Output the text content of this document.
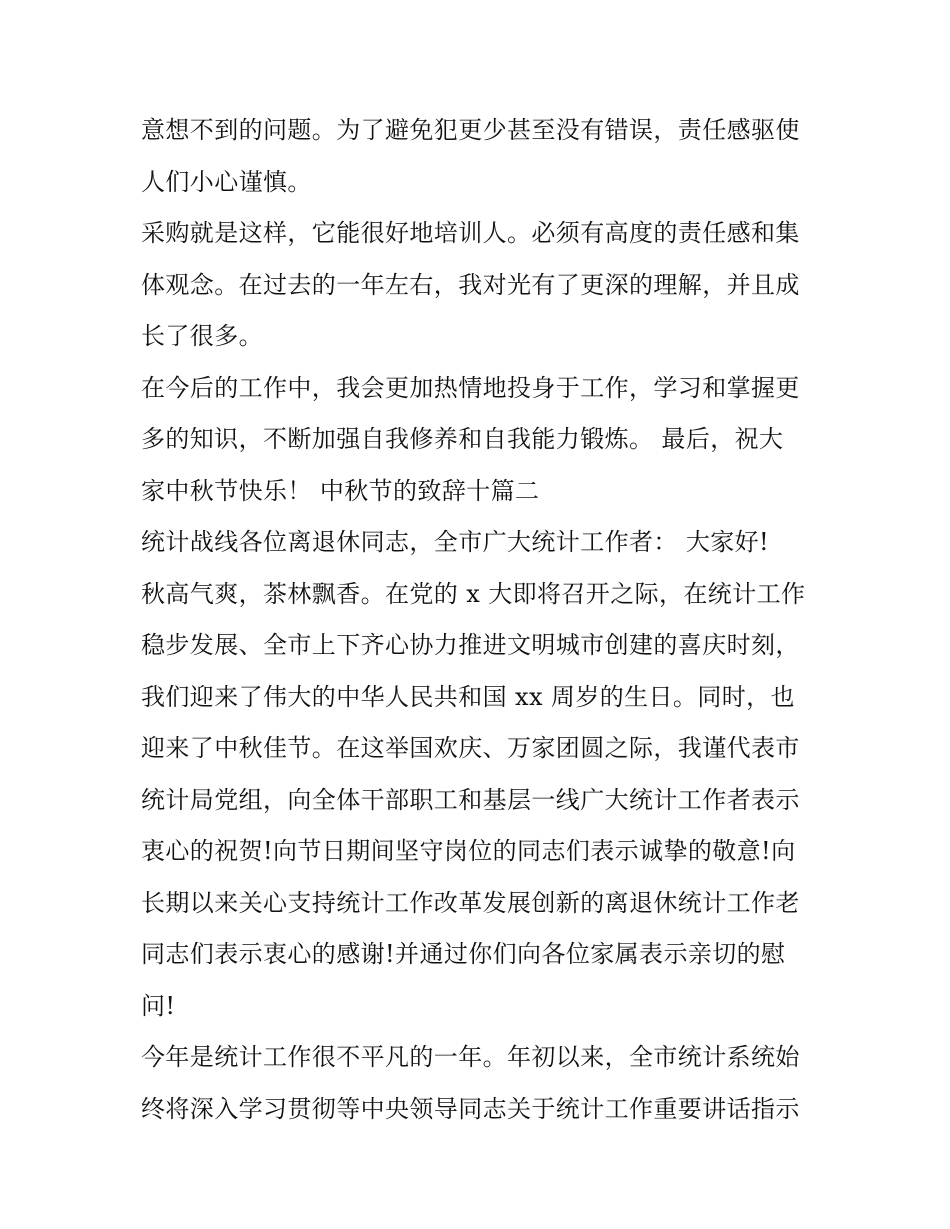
意想不到的问题。为了避免犯更少甚至没有错误，责任感驱使
人们小心谨慎。
采购就是这样，它能很好地培训人。必须有高度的责任感和集
体观念。在过去的一年左右，我对光有了更深的理解，并且成
长了很多。
在今后的工作中，我会更加热情地投身于工作，学习和掌握更
多的知识，不断加强自我修养和自我能力锻炼。 最后，祝大
家中秋节快乐！ 中秋节的致辞十篇二
统计战线各位离退休同志，全市广大统计工作者： 大家好!
秋高气爽，茶林飘香。在党的 x 大即将召开之际，在统计工作
稳步发展、全市上下齐心协力推进文明城市创建的喜庆时刻，
我们迎来了伟大的中华人民共和国 xx 周岁的生日。同时，也
迎来了中秋佳节。在这举国欢庆、万家团圆之际，我谨代表市
统计局党组，向全体干部职工和基层一线广大统计工作者表示
衷心的祝贺!向节日期间坚守岗位的同志们表示诚挚的敬意!向
长期以来关心支持统计工作改革发展创新的离退休统计工作老
同志们表示衷心的感谢!并通过你们向各位家属表示亲切的慰
问!
今年是统计工作很不平凡的一年。年初以来，全市统计系统始
终将深入学习贯彻等中央领导同志关于统计工作重要讲话指示
